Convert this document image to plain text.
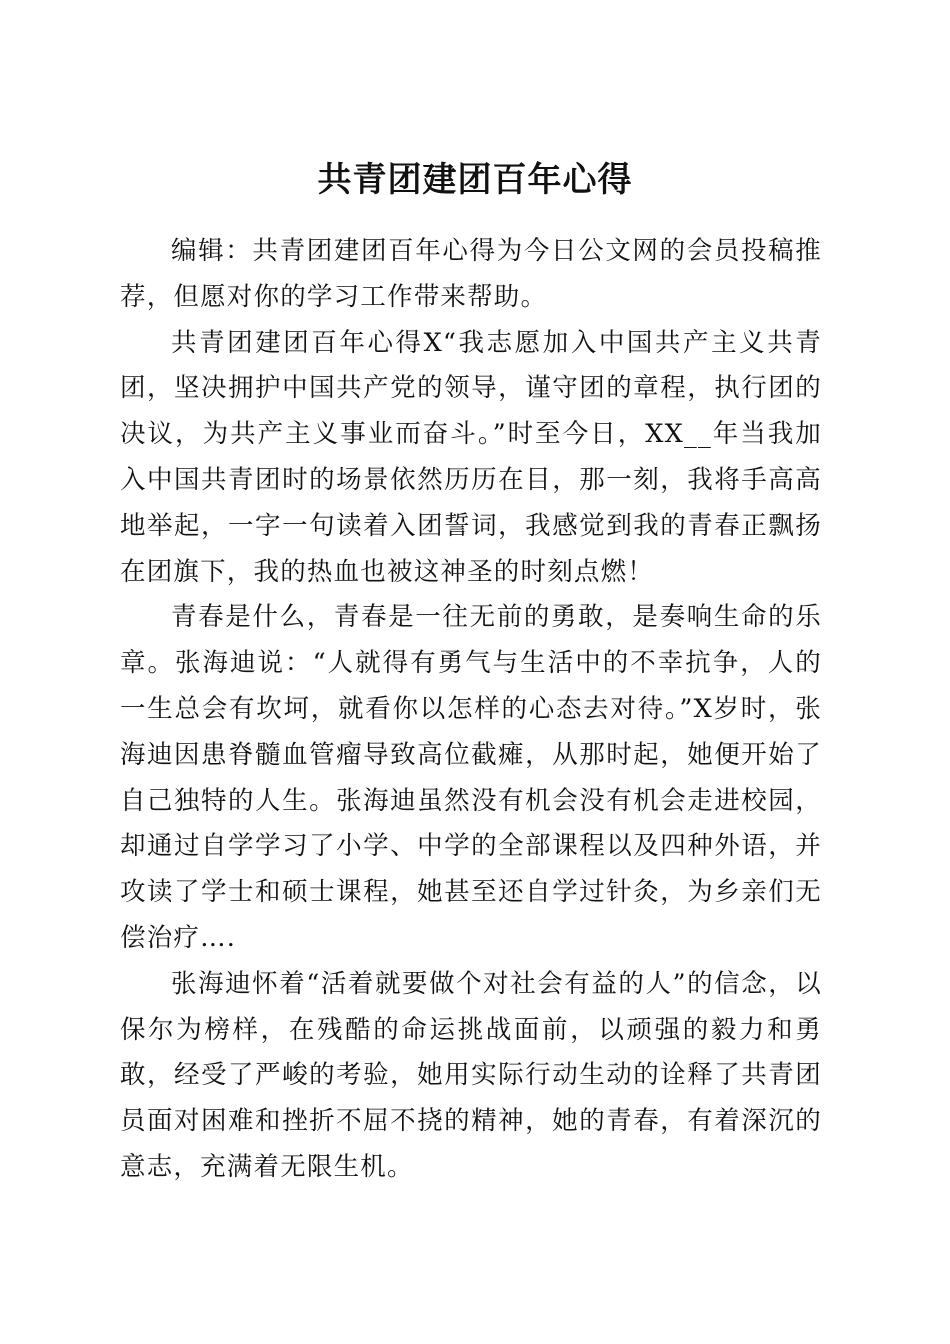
共青团建团百年心得

编辑：共青团建团百年心得为今日公文网的会员投稿推荐，但愿对你的学习工作带来帮助。

共青团建团百年心得X“我志愿加入中国共产主义共青团，坚决拥护中国共产党的领导，谨守团的章程，执行团的决议，为共产主义事业而奋斗。”时至今日，XX__年当我加入中国共青团时的场景依然历历在目，那一刻，我将手高高地举起，一字一句读着入团誓词，我感觉到我的青春正飘扬在团旗下，我的热血也被这神圣的时刻点燃！

青春是什么，青春是一往无前的勇敢，是奏响生命的乐章。张海迪说：“人就得有勇气与生活中的不幸抗争，人的一生总会有坎坷，就看你以怎样的心态去对待。”X岁时，张海迪因患脊髓血管瘤导致高位截瘫，从那时起，她便开始了自己独特的人生。张海迪虽然没有机会没有机会走进校园，却通过自学学习了小学、中学的全部课程以及四种外语，并攻读了学士和硕士课程，她甚至还自学过针灸，为乡亲们无偿治疗….

张海迪怀着“活着就要做个对社会有益的人”的信念，以保尔为榜样，在残酷的命运挑战面前，以顽强的毅力和勇敢，经受了严峻的考验，她用实际行动生动的诠释了共青团员面对困难和挫折不屈不挠的精神，她的青春，有着深沉的意志，充满着无限生机。
